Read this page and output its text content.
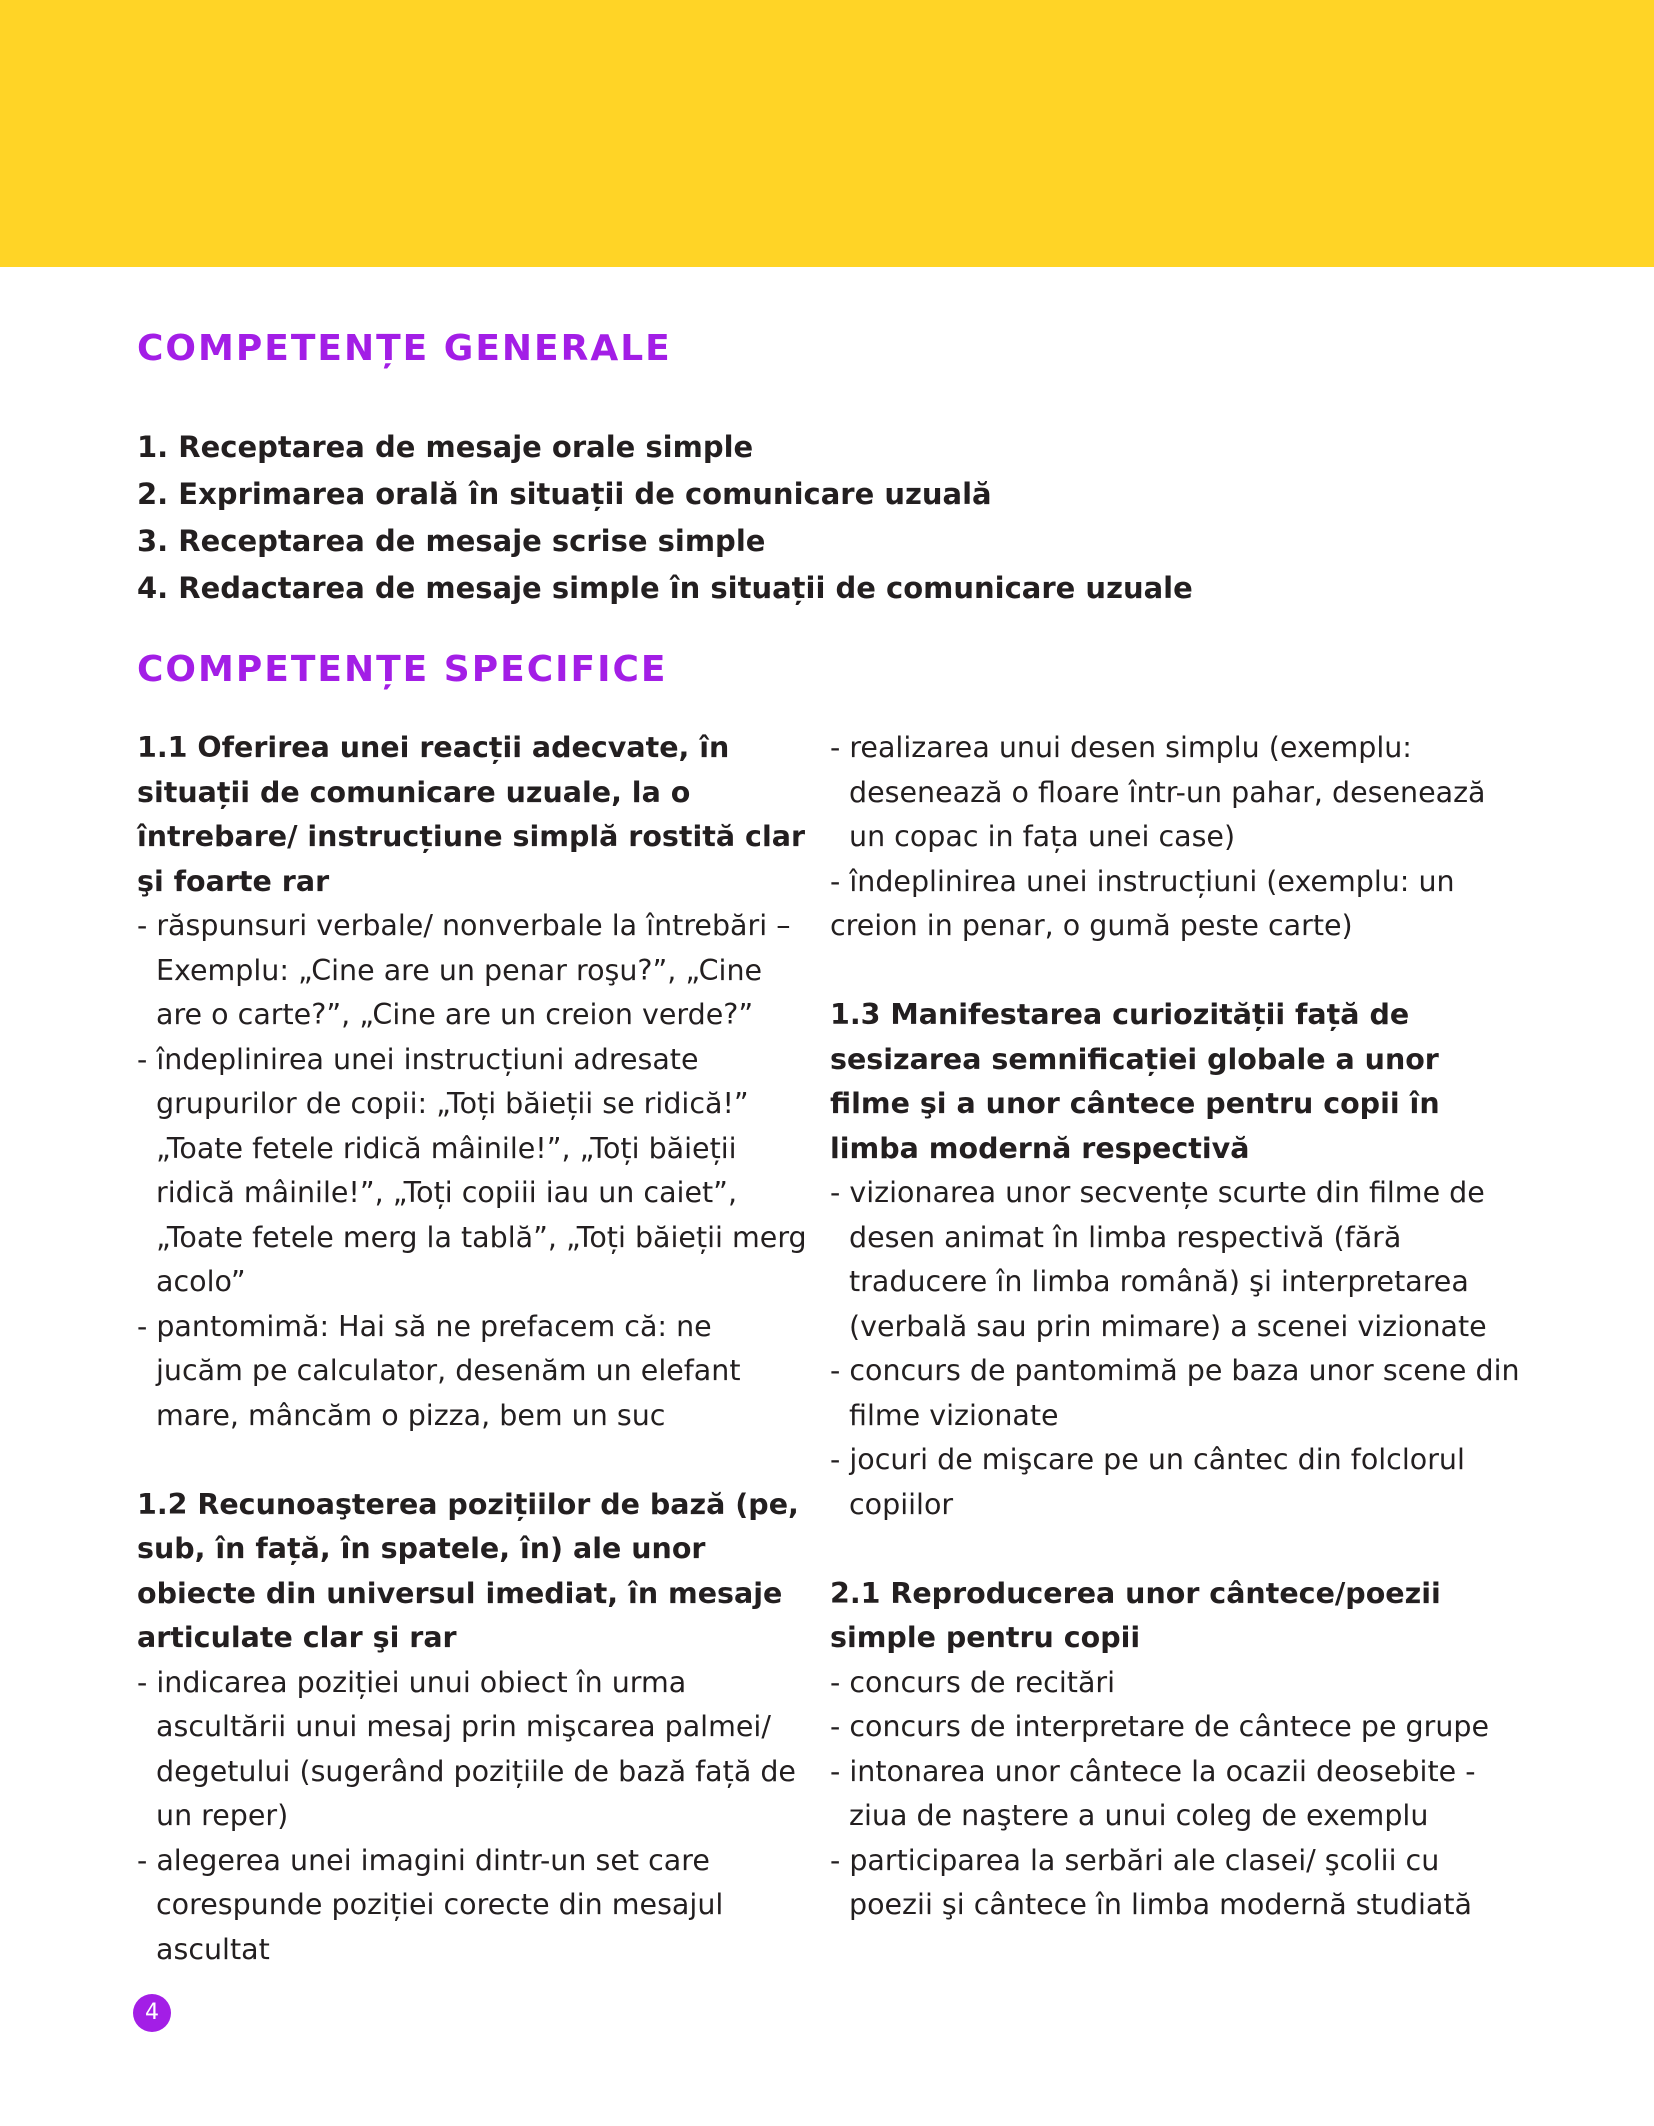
COMPETENȚE GENERALE
1. Receptarea de mesaje orale simple
2. Exprimarea orală în situații de comunicare uzuală
3. Receptarea de mesaje scrise simple
4. Redactarea de mesaje simple în situații de comunicare uzuale
COMPETENȚE SPECIFICE
1.1 Oferirea unei reacții adecvate, în situații de comunicare uzuale, la o întrebare/ instrucțiune simplă rostită clar şi foarte rar
- răspunsuri verbale/ nonverbale la întrebări – Exemplu: „Cine are un penar roşu?”, „Cine are o carte?”, „Cine are un creion verde?”
- îndeplinirea unei instrucțiuni adresate grupurilor de copii: „Toți băieții se ridică!” „Toate fetele ridică mâinile!”, „Toți băieții ridică mâinile!”, „Toți copiii iau un caiet”, „Toate fetele merg la tablă”, „Toți băieții merg acolo”
- pantomimă: Hai să ne prefacem că: ne jucăm pe calculator, desenăm un elefant mare, mâncăm o pizza, bem un suc
1.2 Recunoaşterea pozițiilor de bază (pe, sub, în față, în spatele, în) ale unor obiecte din universul imediat, în mesaje articulate clar şi rar
- indicarea poziției unui obiect în urma ascultării unui mesaj prin mişcarea palmei/ degetului (sugerând pozițiile de bază față de un reper)
- alegerea unei imagini dintr-un set care corespunde poziției corecte din mesajul ascultat
- realizarea unui desen simplu (exemplu: desenează o floare într-un pahar, desenează un copac in fața unei case)
- îndeplinirea unei instrucțiuni (exemplu: un creion in penar, o gumă peste carte)
1.3 Manifestarea curiozității față de sesizarea semnificației globale a unor filme şi a unor cântece pentru copii în limba modernă respectivă
- vizionarea unor secvențe scurte din filme de desen animat în limba respectivă (fără traducere în limba română) şi interpretarea (verbală sau prin mimare) a scenei vizionate
- concurs de pantomimă pe baza unor scene din filme vizionate
- jocuri de mişcare pe un cântec din folclorul copiilor
2.1 Reproducerea unor cântece/poezii simple pentru copii
- concurs de recitări
- concurs de interpretare de cântece pe grupe
- intonarea unor cântece la ocazii deosebite - ziua de naştere a unui coleg de exemplu
- participarea la serbări ale clasei/ şcolii cu poezii şi cântece în limba modernă studiată
4
